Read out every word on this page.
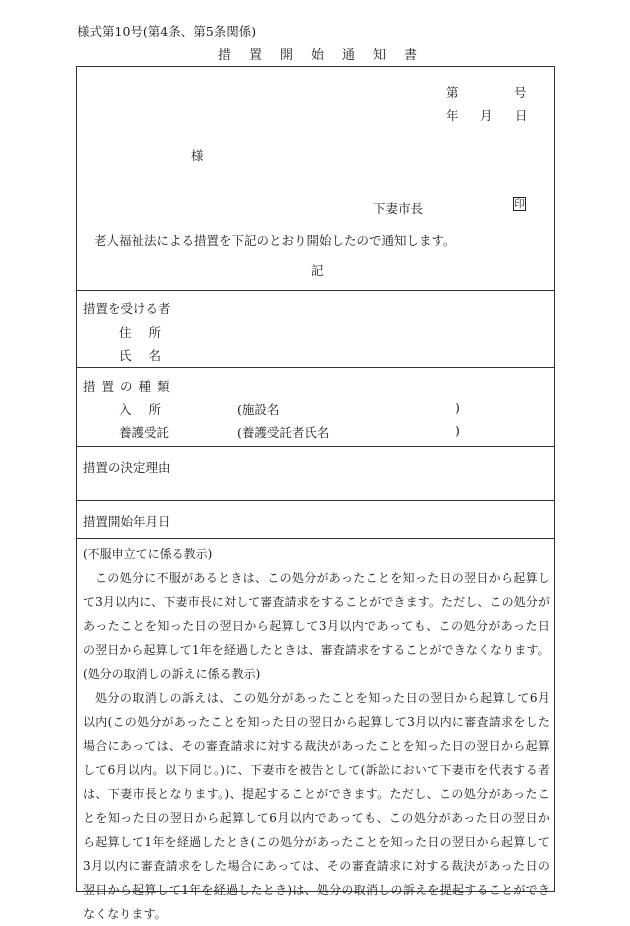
様式第10号(第4条、第5条関係)
措置開始通知書
第	号
年 月 日
様
下妻市長	印
老人福祉法による措置を下記のとおり開始したので通知します。
記
措置を受ける者
住所
氏名
措置の種類
入所	(施設名	)
養護受託	(養護受託者氏名	)
措置の決定理由
措置開始年月日
(不服申立てに係る教示)

この処分に不服があるときは、この処分があったことを知った日の翌日から起算して3月以内に、下妻市長に対して審査請求をすることができます。ただし、この処分があったことを知った日の翌日から起算して3月以内であっても、この処分があった日の翌日から起算して1年を経過したときは、審査請求をすることができなくなります。

(処分の取消しの訴えに係る教示)

処分の取消しの訴えは、この処分があったことを知った日の翌日から起算して6月以内(この処分があったことを知った日の翌日から起算して3月以内に審査請求をした場合にあっては、その審査請求に対する裁決があったことを知った日の翌日から起算して6月以内。以下同じ。)に、下妻市を被告として(訴訟において下妻市を代表する者は、下妻市長となります。)、提起することができます。ただし、この処分があったことを知った日の翌日から起算して6月以内であっても、この処分があった日の翌日から起算して1年を経過したとき(この処分があったことを知った日の翌日から起算して3月以内に審査請求をした場合にあっては、その審査請求に対する裁決があった日の翌日から起算して1年を経過したとき)は、処分の取消しの訴えを提起することができなくなります。
